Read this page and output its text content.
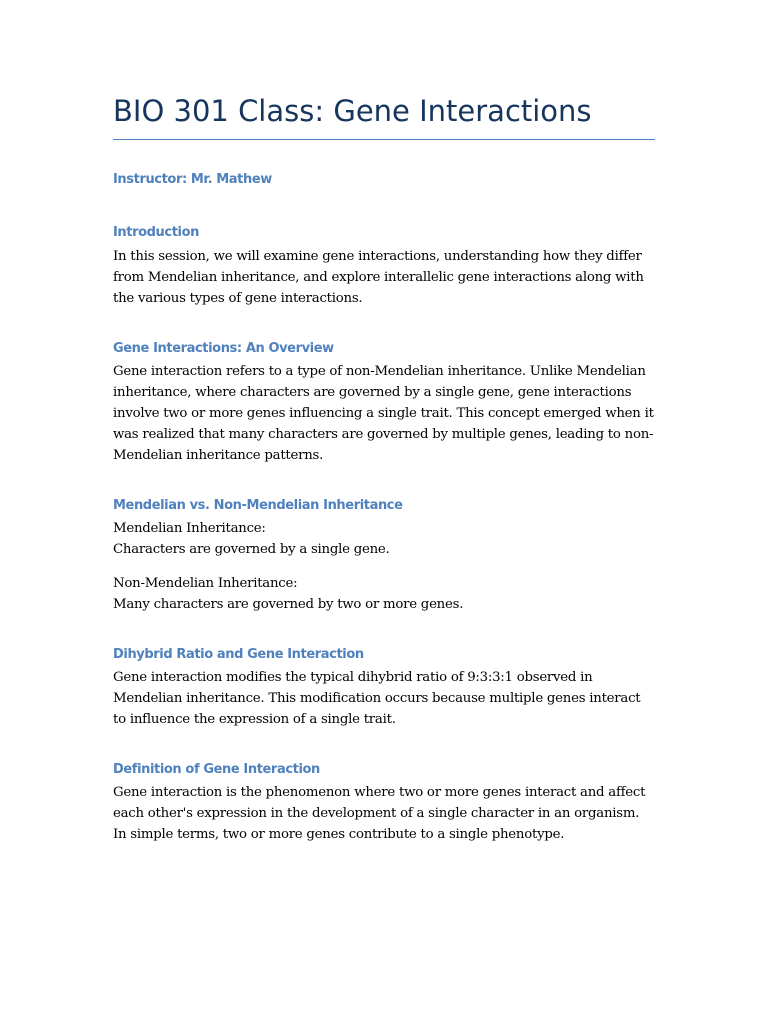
BIO 301 Class: Gene Interactions
Instructor: Mr. Mathew
Introduction

In this session, we will examine gene interactions, understanding how they differ from Mendelian inheritance, and explore interallelic gene interactions along with the various types of gene interactions.

Gene Interactions: An Overview

Gene interaction refers to a type of non-Mendelian inheritance. Unlike Mendelian inheritance, where characters are governed by a single gene, gene interactions involve two or more genes influencing a single trait. This concept emerged when it was realized that many characters are governed by multiple genes, leading to non-Mendelian inheritance patterns.

Mendelian vs. Non-Mendelian Inheritance

Mendelian Inheritance:

Characters are governed by a single gene.

Non-Mendelian Inheritance:

Many characters are governed by two or more genes.

Dihybrid Ratio and Gene Interaction

Gene interaction modifies the typical dihybrid ratio of 9:3:3:1 observed in Mendelian inheritance. This modification occurs because multiple genes interact to influence the expression of a single trait.

Definition of Gene Interaction

Gene interaction is the phenomenon where two or more genes interact and affect each other's expression in the development of a single character in an organism. In simple terms, two or more genes contribute to a single phenotype.
